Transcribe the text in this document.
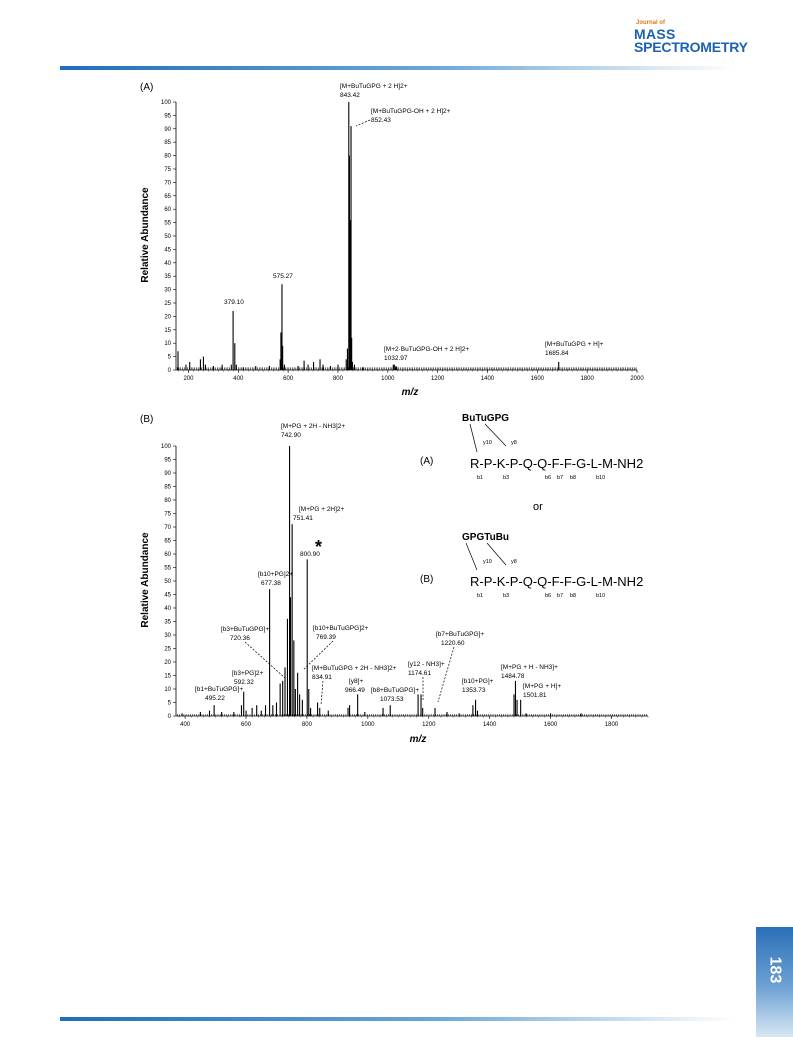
Journal of
MASS
SPECTROMETRY
(A)
0
5
10
15
20
25
30
35
40
45
50
55
60
65
70
75
80
85
90
95
100
200	400	600	800	1000	1200	1400	1600	1800	2000
Relative Abundance
m/z
[M+BuTuGPG + 2 H]2+
843.42
[M+BuTuGPG-OH + 2 H]2+
852.43
575.27
379.10
[M+2·BuTuGPG-OH + 2 H]2+
1032.97
[M+BuTuGPG + H]+
1685.84
(B)
0
5
10
15
20
25
30
35
40
45
50
55
60
65
70
75
80
85
90
95
100
400	600	800	1000	1200	1400	1600	1800
Relative Abundance
m/z
[M+PG + 2H - NH3]2+
742.90
[M+PG + 2H]2+
751.41
800.90
[b10+PG]2+
677.38
[b3+BuTuGPG]+
720.36
[b10+BuTuGPG]2+
769.39
[M+BuTuGPG + 2H - NH3]2+
834.91
[b3+PG]2+
592.32
[b1+BuTuGPG]+
495.22
[y8]+
966.49 [b8+BuTuGPG]+
1073.53
[y12 - NH3]+
1174.61
[b7+BuTuGPG]+
1220.60
[b10+PG]+
1353.73
[M+PG + H - NH3]+
1484.78
[M+PG + H]+
1501.81
*
BuTuGPG
(A)	R-P-K-P-Q-Q-F-F-G-L-M-NH2
y10	y8
b1	b3	b6 b7 b8	b10
or
GPGTuBu
(B)	R-P-K-P-Q-Q-F-F-G-L-M-NH2
y10	y8
b1	b3	b6 b7 b8	b10
183
